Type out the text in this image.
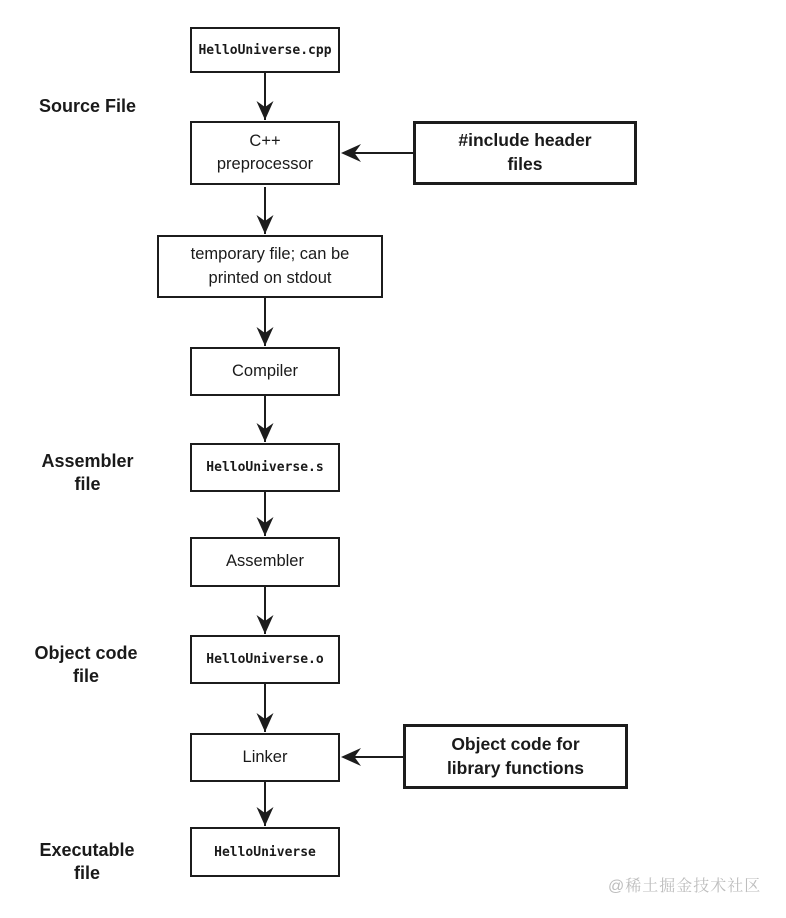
HelloUniverse.cpp
C++
preprocessor
temporary file; can be
printed on stdout
Compiler
HelloUniverse.s
Assembler
HelloUniverse.o
Linker
HelloUniverse
#include header
files
Object code for
library functions
Source File
Assembler
file
Object code
file
Executable
file
@稀土掘金技术社区
